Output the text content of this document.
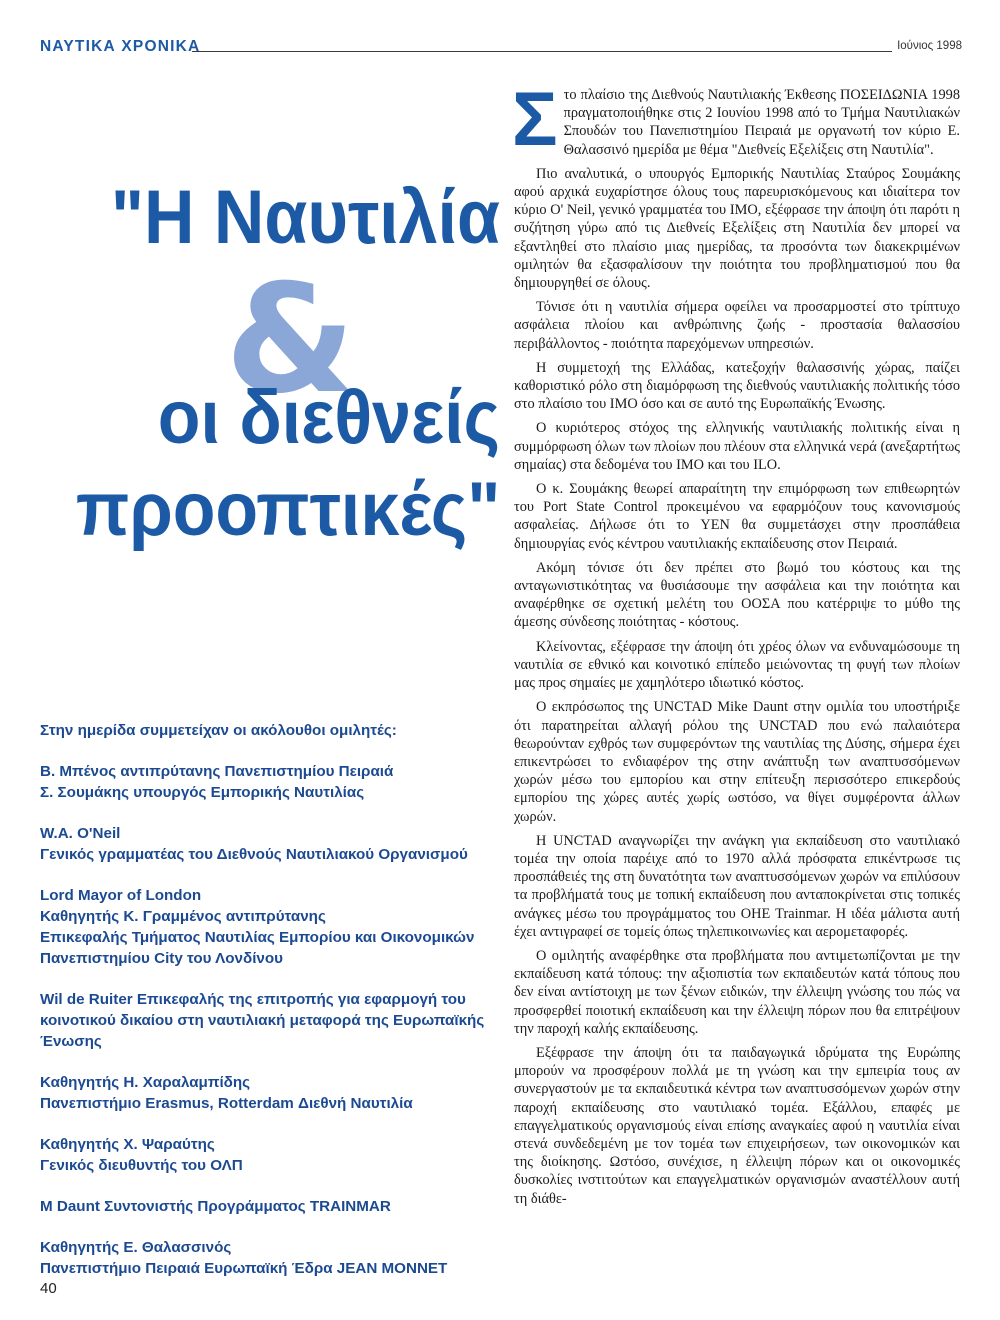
ΝΑΥΤΙΚΑ ΧΡΟΝΙΚΑ	Ιούνιος 1998
"Η Ναυτιλία
&
οι διεθνείς
προοπτικές"
Στην ημερίδα συμμετείχαν οι ακόλουθοι ομιλητές:
Β. Μπένος αντιπρύτανης Πανεπιστημίου Πειραιά
Σ. Σουμάκης υπουργός Εμπορικής Ναυτιλίας
W.A. O'Neil
Γενικός γραμματέας του Διεθνούς Ναυτιλιακού Οργανισμού
Lord Mayor of London
Καθηγητής Κ. Γραμμένος αντιπρύτανης
Επικεφαλής Τμήματος Ναυτιλίας Εμπορίου και Οικονομικών
Πανεπιστημίου City του Λονδίνου
Wil de Ruiter Επικεφαλής της επιτροπής για εφαρμογή του κοινοτικού δικαίου στη ναυτιλιακή μεταφορά της Ευρωπαϊκής Ένωσης
Καθηγητής Η. Χαραλαμπίδης
Πανεπιστήμιο Erasmus, Rotterdam Διεθνή Ναυτιλία
Καθηγητής Χ. Ψαραύτης
Γενικός διευθυντής του ΟΛΠ
M Daunt Συντονιστής Προγράμματος TRAINMAR
Καθηγητής Ε. Θαλασσινός
Πανεπιστήμιο Πειραιά Ευρωπαϊκή Έδρα JEAN MONNET

Στο πλαίσιο της Διεθνούς Ναυτιλιακής Έκθεσης ΠΟΣΕΙΔΩΝΙΑ 1998 πραγματοποιήθηκε στις 2 Ιουνίου 1998 από το Τμήμα Ναυτιλιακών Σπουδών του Πανεπιστημίου Πειραιά με οργανωτή τον κύριο Ε. Θαλασσινό ημερίδα με θέμα "Διεθνείς Εξελίξεις στη Ναυτιλία".

Πιο αναλυτικά, ο υπουργός Εμπορικής Ναυτιλίας Σταύρος Σουμάκης αφού αρχικά ευχαρίστησε όλους τους παρευρισκόμενους και ιδιαίτερα τον κύριο Ο' Neil, γενικό γραμματέα του ΙΜΟ, εξέφρασε την άποψη ότι παρότι η συζήτηση γύρω από τις Διεθνείς Εξελίξεις στη Ναυτιλία δεν μπορεί να εξαντληθεί στο πλαίσιο μιας ημερίδας, τα προσόντα των διακεκριμένων ομιλητών θα εξασφαλίσουν την ποιότητα του προβληματισμού που θα δημιουργηθεί σε όλους.

Τόνισε ότι η ναυτιλία σήμερα οφείλει να προσαρμοστεί στο τρίπτυχο ασφάλεια πλοίου και ανθρώπινης ζωής - προστασία θαλασσίου περιβάλλοντος - ποιότητα παρεχόμενων υπηρεσιών.

Η συμμετοχή της Ελλάδας, κατεξοχήν θαλασσινής χώρας, παίζει καθοριστικό ρόλο στη διαμόρφωση της διεθνούς ναυτιλιακής πολιτικής τόσο στο πλαίσιο του ΙΜΟ όσο και σε αυτό της Ευρωπαϊκής Ένωσης.

Ο κυριότερος στόχος της ελληνικής ναυτιλιακής πολιτικής είναι η συμμόρφωση όλων των πλοίων που πλέουν στα ελληνικά νερά (ανεξαρτήτως σημαίας) στα δεδομένα του ΙΜΟ και του ILO.

Ο κ. Σουμάκης θεωρεί απαραίτητη την επιμόρφωση των επιθεωρητών του Port State Control προκειμένου να εφαρμόζουν τους κανονισμούς ασφαλείας. Δήλωσε ότι το ΥΕΝ θα συμμετάσχει στην προσπάθεια δημιουργίας ενός κέντρου ναυτιλιακής εκπαίδευσης στον Πειραιά.

Ακόμη τόνισε ότι δεν πρέπει στο βωμό του κόστους και της ανταγωνιστικότητας να θυσιάσουμε την ασφάλεια και την ποιότητα και αναφέρθηκε σε σχετική μελέτη του ΟΟΣΑ που κατέρριψε το μύθο της άμεσης σύνδεσης ποιότητας - κόστους.

Κλείνοντας, εξέφρασε την άποψη ότι χρέος όλων να ενδυναμώσουμε τη ναυτιλία σε εθνικό και κοινοτικό επίπεδο μειώνοντας τη φυγή των πλοίων μας προς σημαίες με χαμηλότερο ιδιωτικό κόστος.

Ο εκπρόσωπος της UNCTAD Mike Daunt στην ομιλία του υποστήριξε ότι παρατηρείται αλλαγή ρόλου της UNCTAD που ενώ παλαιότερα θεωρούνταν εχθρός των συμφερόντων της ναυτιλίας της Δύσης, σήμερα έχει επικεντρώσει το ενδιαφέρον της στην ανάπτυξη των αναπτυσσόμενων χωρών μέσω του εμπορίου και στην επίτευξη περισσότερο επικερδούς εμπορίου της χώρες αυτές χωρίς ωστόσο, να θίγει συμφέροντα άλλων χωρών.

Η UNCTAD αναγνωρίζει την ανάγκη για εκπαίδευση στο ναυτιλιακό τομέα την οποία παρέιχε από το 1970 αλλά πρόσφατα επικέντρωσε τις προσπάθειές της στη δυνατότητα των αναπτυσσόμενων χωρών να επιλύσουν τα προβλήματά τους με τοπική εκπαίδευση που ανταποκρίνεται στις τοπικές ανάγκες μέσω του προγράμματος του ΟΗΕ Trainmar. Η ιδέα μάλιστα αυτή έχει αντιγραφεί σε τομείς όπως τηλεπικοινωνίες και αερομεταφορές.

Ο ομιλητής αναφέρθηκε στα προβλήματα που αντιμετωπίζονται με την εκπαίδευση κατά τόπους: την αξιοπιστία των εκπαιδευτών κατά τόπους που δεν είναι αντίστοιχη με των ξένων ειδικών, την έλλειψη γνώσης του πώς να προσφερθεί ποιοτική εκπαίδευση και την έλλειψη πόρων που θα επιτρέψουν την παροχή καλής εκπαίδευσης.

Εξέφρασε την άποψη ότι τα παιδαγωγικά ιδρύματα της Ευρώπης μπορούν να προσφέρουν πολλά με τη γνώση και την εμπειρία τους αν συνεργαστούν με τα εκπαιδευτικά κέντρα των αναπτυσσόμενων χωρών στην παροχή εκπαίδευσης στο ναυτιλιακό τομέα. Εξάλλου, επαφές με επαγγελματικούς οργανισμούς είναι επίσης αναγκαίες αφού η ναυτιλία είναι στενά συνδεδεμένη με τον τομέα των επιχειρήσεων, των οικονομικών και της διοίκησης. Ωστόσο, συνέχισε, η έλλειψη πόρων και οι οικονομικές δυσκολίες ινστιτούτων και επαγγελματικών οργανισμών αναστέλλουν αυτή τη διάθε-

40
